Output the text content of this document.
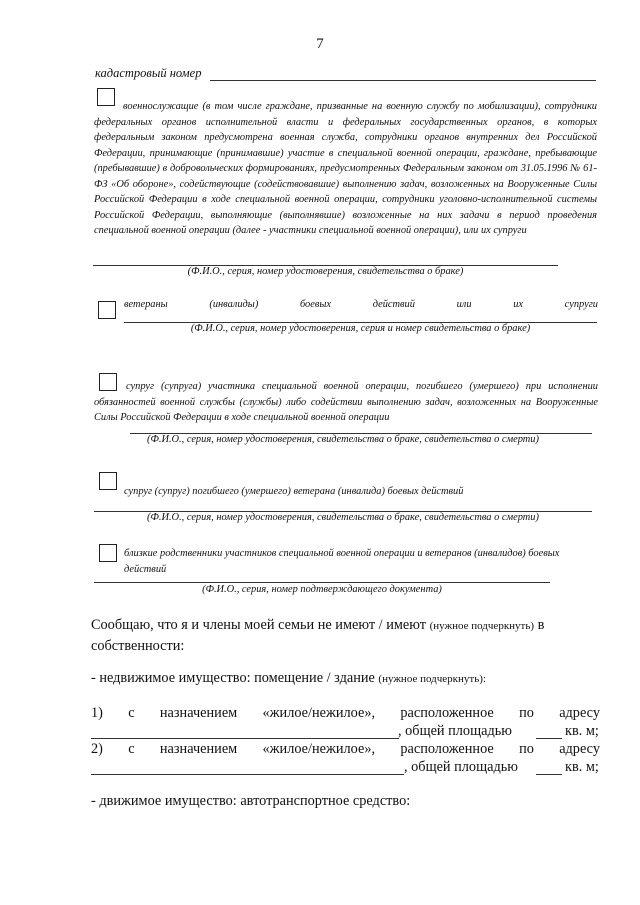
7
кадастровый номер
военнослужащие (в том числе граждане, призванные на военную службу по мобилизации), сотрудники федеральных органов исполнительной власти и федеральных государственных органов, в которых федеральным законом предусмотрена военная служба, сотрудники органов внутренних дел Российской Федерации, принимающие (принимавшие) участие в специальной военной операции, граждане, пребывающие (пребывавшие) в добровольческих формированиях, предусмотренных Федеральным законом от 31.05.1996 № 61-ФЗ «Об обороне», содействующие (содействовавшие) выполнению задач, возложенных на Вооруженные Силы Российской Федерации в ходе специальной военной операции, сотрудники уголовно-исполнительной системы Российской Федерации, выполняющие (выполнявшие) возложенные на них задачи в период проведения специальной военной операции (далее - участники специальной военной операции), или их супруги
(Ф.И.О., серия, номер удостоверения, свидетельства о браке)
ветераны	(инвалиды)	боевых	действий	или	их	супруги
(Ф.И.О., серия, номер удостоверения, серия и номер свидетельства о браке)
супруг (супруга) участника специальной военной операции, погибшего (умершего) при исполнении обязанностей военной службы (службы) либо содействии выполнению задач, возложенных на Вооруженные Силы Российской Федерации в ходе специальной военной операции
(Ф.И.О., серия, номер удостоверения, свидетельства о браке, свидетельства о смерти)
супруг (супруг) погибшего (умершего) ветерана (инвалида) боевых действий
(Ф.И.О., серия, номер удостоверения, свидетельства о браке, свидетельства о смерти)
близкие родственники участников специальной военной операции и ветеранов (инвалидов) боевых действий
(Ф.И.О., серия, номер подтверждающего документа)
Сообщаю, что я и члены моей семьи не имеют / имеют (нужное подчеркнуть) в собственности:
- недвижимое имущество: помещение / здание (нужное подчеркнуть):
1) с назначением «жилое/нежилое», расположенное по адресу
, общей площадью	кв. м;
2) с назначением «жилое/нежилое», расположенное по адресу
, общей площадью	кв. м;
- движимое имущество: автотранспортное средство:
